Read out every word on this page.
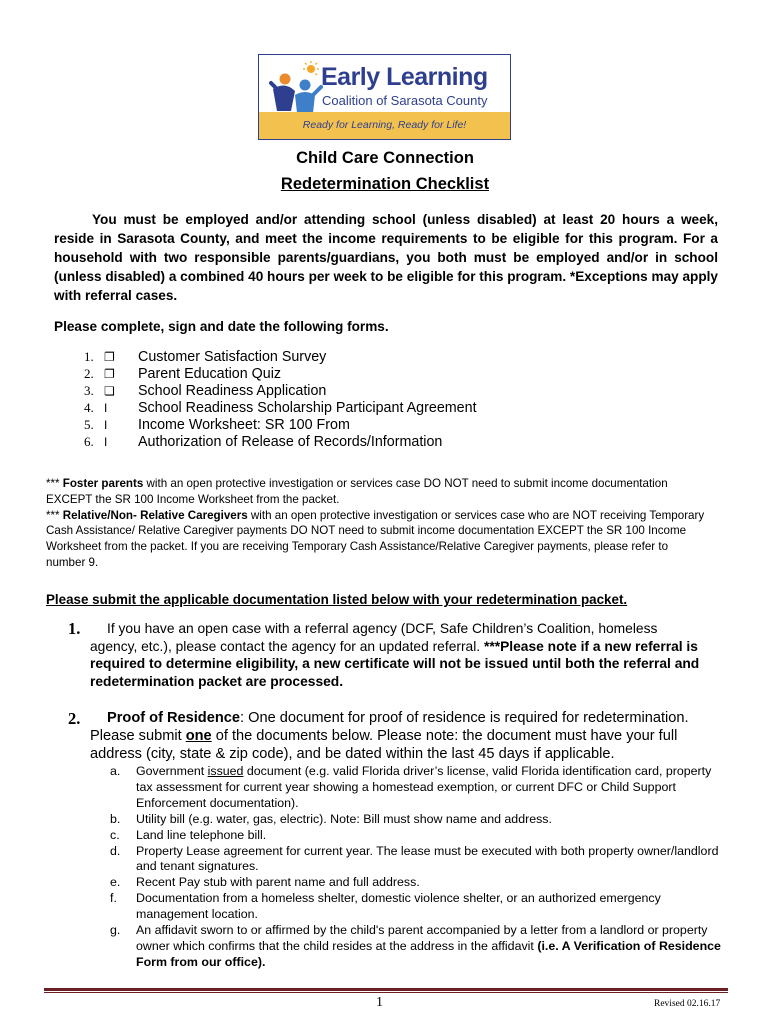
Early Learning
Coalition of Sarasota County
Ready for Learning, Ready for Life!
Child Care Connection
Redetermination Checklist
You must be employed and/or attending school (unless disabled) at least 20 hours a week, reside in Sarasota County, and meet the income requirements to be eligible for this program. For a household with two responsible parents/guardians, you both must be employed and/or in school (unless disabled) a combined 40 hours per week to be eligible for this program. *Exceptions may apply with referral cases.
Please complete, sign and date the following forms.
1. ❐	Customer Satisfaction Survey
2. ❐	Parent Education Quiz
3. ❏	School Readiness Application
4. I	School Readiness Scholarship Participant Agreement
5. I	Income Worksheet: SR 100 From
6. I	Authorization of Release of Records/Information

*** Foster parents with an open protective investigation or services case DO NOT need to submit income documentation EXCEPT the SR 100 Income Worksheet from the packet.

*** Relative/Non- Relative Caregivers with an open protective investigation or services case who are NOT receiving Temporary Cash Assistance/ Relative Caregiver payments DO NOT need to submit income documentation EXCEPT the SR 100 Income Worksheet from the packet. If you are receiving Temporary Cash Assistance/Relative Caregiver payments, please refer to number 9.

Please submit the applicable documentation listed below with your redetermination packet.
1.	If you have an open case with a referral agency (DCF, Safe Children’s Coalition, homeless agency, etc.), please contact the agency for an updated referral. ***Please note if a new referral is required to determine eligibility, a new certificate will not be issued until both the referral and redetermination packet are processed.
2.	Proof of Residence: One document for proof of residence is required for redetermination. Please submit one of the documents below. Please note: the document must have your full address (city, state & zip code), and be dated within the last 45 days if applicable.
a.	Government issued document (e.g. valid Florida driver’s license, valid Florida identification card, property tax assessment for current year showing a homestead exemption, or current DFC or Child Support Enforcement documentation).
b.	Utility bill (e.g. water, gas, electric). Note: Bill must show name and address.
c.	Land line telephone bill.
d.	Property Lease agreement for current year. The lease must be executed with both property owner/landlord and tenant signatures.
e.	Recent Pay stub with parent name and full address.
f.	Documentation from a homeless shelter, domestic violence shelter, or an authorized emergency management location.
g.	An affidavit sworn to or affirmed by the child's parent accompanied by a letter from a landlord or property owner which confirms that the child resides at the address in the affidavit (i.e. A Verification of Residence Form from our office).
1	Revised 02.16.17
